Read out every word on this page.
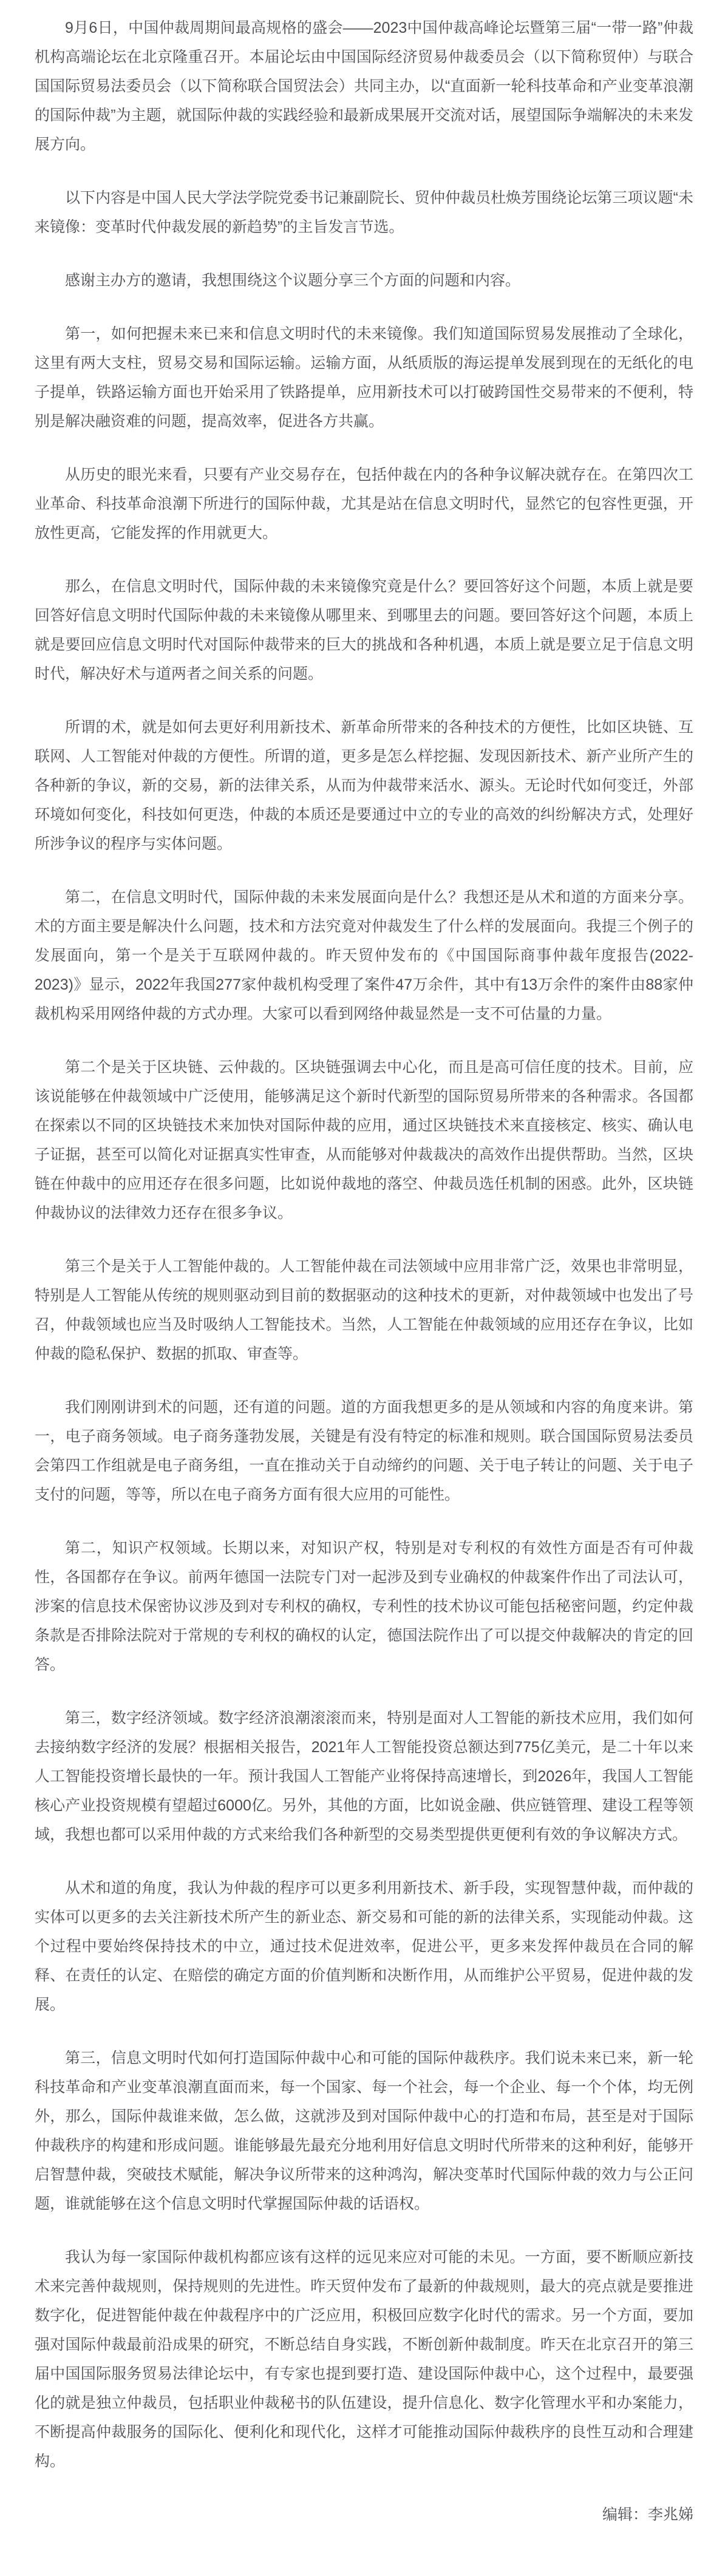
9月6日，中国仲裁周期间最高规格的盛会——2023中国仲裁高峰论坛暨第三届“一带一路”仲裁机构高端论坛在北京隆重召开。本届论坛由中国国际经济贸易仲裁委员会（以下简称贸仲）与联合国国际贸易法委员会（以下简称联合国贸法会）共同主办，以“直面新一轮科技革命和产业变革浪潮的国际仲裁”为主题，就国际仲裁的实践经验和最新成果展开交流对话，展望国际争端解决的未来发展方向。

以下内容是中国人民大学法学院党委书记兼副院长、贸仲仲裁员杜焕芳围绕论坛第三项议题“未来镜像：变革时代仲裁发展的新趋势”的主旨发言节选。

感谢主办方的邀请，我想围绕这个议题分享三个方面的问题和内容。

第一，如何把握未来已来和信息文明时代的未来镜像。我们知道国际贸易发展推动了全球化，这里有两大支柱，贸易交易和国际运输。运输方面，从纸质版的海运提单发展到现在的无纸化的电子提单，铁路运输方面也开始采用了铁路提单，应用新技术可以打破跨国性交易带来的不便利，特别是解决融资难的问题，提高效率，促进各方共赢。

从历史的眼光来看，只要有产业交易存在，包括仲裁在内的各种争议解决就存在。在第四次工业革命、科技革命浪潮下所进行的国际仲裁，尤其是站在信息文明时代，显然它的包容性更强，开放性更高，它能发挥的作用就更大。

那么，在信息文明时代，国际仲裁的未来镜像究竟是什么？要回答好这个问题，本质上就是要回答好信息文明时代国际仲裁的未来镜像从哪里来、到哪里去的问题。要回答好这个问题，本质上就是要回应信息文明时代对国际仲裁带来的巨大的挑战和各种机遇，本质上就是要立足于信息文明时代，解决好术与道两者之间关系的问题。

所谓的术，就是如何去更好利用新技术、新革命所带来的各种技术的方便性，比如区块链、互联网、人工智能对仲裁的方便性。所谓的道，更多是怎么样挖掘、发现因新技术、新产业所产生的各种新的争议，新的交易，新的法律关系，从而为仲裁带来活水、源头。无论时代如何变迁，外部环境如何变化，科技如何更迭，仲裁的本质还是要通过中立的专业的高效的纠纷解决方式，处理好所涉争议的程序与实体问题。

第二，在信息文明时代，国际仲裁的未来发展面向是什么？我想还是从术和道的方面来分享。术的方面主要是解决什么问题，技术和方法究竟对仲裁发生了什么样的发展面向。我提三个例子的发展面向，第一个是关于互联网仲裁的。昨天贸仲发布的《中国国际商事仲裁年度报告(2022-2023)》显示，2022年我国277家仲裁机构受理了案件47万余件，其中有13万余件的案件由88家仲裁机构采用网络仲裁的方式办理。大家可以看到网络仲裁显然是一支不可估量的力量。

第二个是关于区块链、云仲裁的。区块链强调去中心化，而且是高可信任度的技术。目前，应该说能够在仲裁领域中广泛使用，能够满足这个新时代新型的国际贸易所带来的各种需求。各国都在探索以不同的区块链技术来加快对国际仲裁的应用，通过区块链技术来直接核定、核实、确认电子证据，甚至可以简化对证据真实性审查，从而能够对仲裁裁决的高效作出提供帮助。当然，区块链在仲裁中的应用还存在很多问题，比如说仲裁地的落空、仲裁员选任机制的困惑。此外，区块链仲裁协议的法律效力还存在很多争议。

第三个是关于人工智能仲裁的。人工智能仲裁在司法领域中应用非常广泛，效果也非常明显，特别是人工智能从传统的规则驱动到目前的数据驱动的这种技术的更新，对仲裁领域中也发出了号召，仲裁领域也应当及时吸纳人工智能技术。当然，人工智能在仲裁领域的应用还存在争议，比如仲裁的隐私保护、数据的抓取、审查等。

我们刚刚讲到术的问题，还有道的问题。道的方面我想更多的是从领域和内容的角度来讲。第一，电子商务领域。电子商务蓬勃发展，关键是有没有特定的标准和规则。联合国国际贸易法委员会第四工作组就是电子商务组，一直在推动关于自动缔约的问题、关于电子转让的问题、关于电子支付的问题，等等，所以在电子商务方面有很大应用的可能性。

第二，知识产权领域。长期以来，对知识产权，特别是对专利权的有效性方面是否有可仲裁性，各国都存在争议。前两年德国一法院专门对一起涉及到专业确权的仲裁案件作出了司法认可，涉案的信息技术保密协议涉及到对专利权的确权，专利性的技术协议可能包括秘密问题，约定仲裁条款是否排除法院对于常规的专利权的确权的认定，德国法院作出了可以提交仲裁解决的肯定的回答。

第三，数字经济领域。数字经济浪潮滚滚而来，特别是面对人工智能的新技术应用，我们如何去接纳数字经济的发展？根据相关报告，2021年人工智能投资总额达到775亿美元，是二十年以来人工智能投资增长最快的一年。预计我国人工智能产业将保持高速增长，到2026年，我国人工智能核心产业投资规模有望超过6000亿。另外，其他的方面，比如说金融、供应链管理、建设工程等领域，我想也都可以采用仲裁的方式来给我们各种新型的交易类型提供更便利有效的争议解决方式。

从术和道的角度，我认为仲裁的程序可以更多利用新技术、新手段，实现智慧仲裁，而仲裁的实体可以更多的去关注新技术所产生的新业态、新交易和可能的新的法律关系，实现能动仲裁。这个过程中要始终保持技术的中立，通过技术促进效率，促进公平，更多来发挥仲裁员在合同的解释、在责任的认定、在赔偿的确定方面的价值判断和决断作用，从而维护公平贸易，促进仲裁的发展。

第三，信息文明时代如何打造国际仲裁中心和可能的国际仲裁秩序。我们说未来已来，新一轮科技革命和产业变革浪潮直面而来，每一个国家、每一个社会，每一个企业、每一个个体，均无例外，那么，国际仲裁谁来做，怎么做，这就涉及到对国际仲裁中心的打造和布局，甚至是对于国际仲裁秩序的构建和形成问题。谁能够最先最充分地利用好信息文明时代所带来的这种利好，能够开启智慧仲裁，突破技术赋能，解决争议所带来的这种鸿沟，解决变革时代国际仲裁的效力与公正问题，谁就能够在这个信息文明时代掌握国际仲裁的话语权。

我认为每一家国际仲裁机构都应该有这样的远见来应对可能的未见。一方面，要不断顺应新技术来完善仲裁规则，保持规则的先进性。昨天贸仲发布了最新的仲裁规则，最大的亮点就是要推进数字化，促进智能仲裁在仲裁程序中的广泛应用，积极回应数字化时代的需求。另一个方面，要加强对国际仲裁最前沿成果的研究，不断总结自身实践，不断创新仲裁制度。昨天在北京召开的第三届中国国际服务贸易法律论坛中，有专家也提到要打造、建设国际仲裁中心，这个过程中，最要强化的就是独立仲裁员，包括职业仲裁秘书的队伍建设，提升信息化、数字化管理水平和办案能力，不断提高仲裁服务的国际化、便利化和现代化，这样才可能推动国际仲裁秩序的良性互动和合理建构。

编辑：李兆娣
